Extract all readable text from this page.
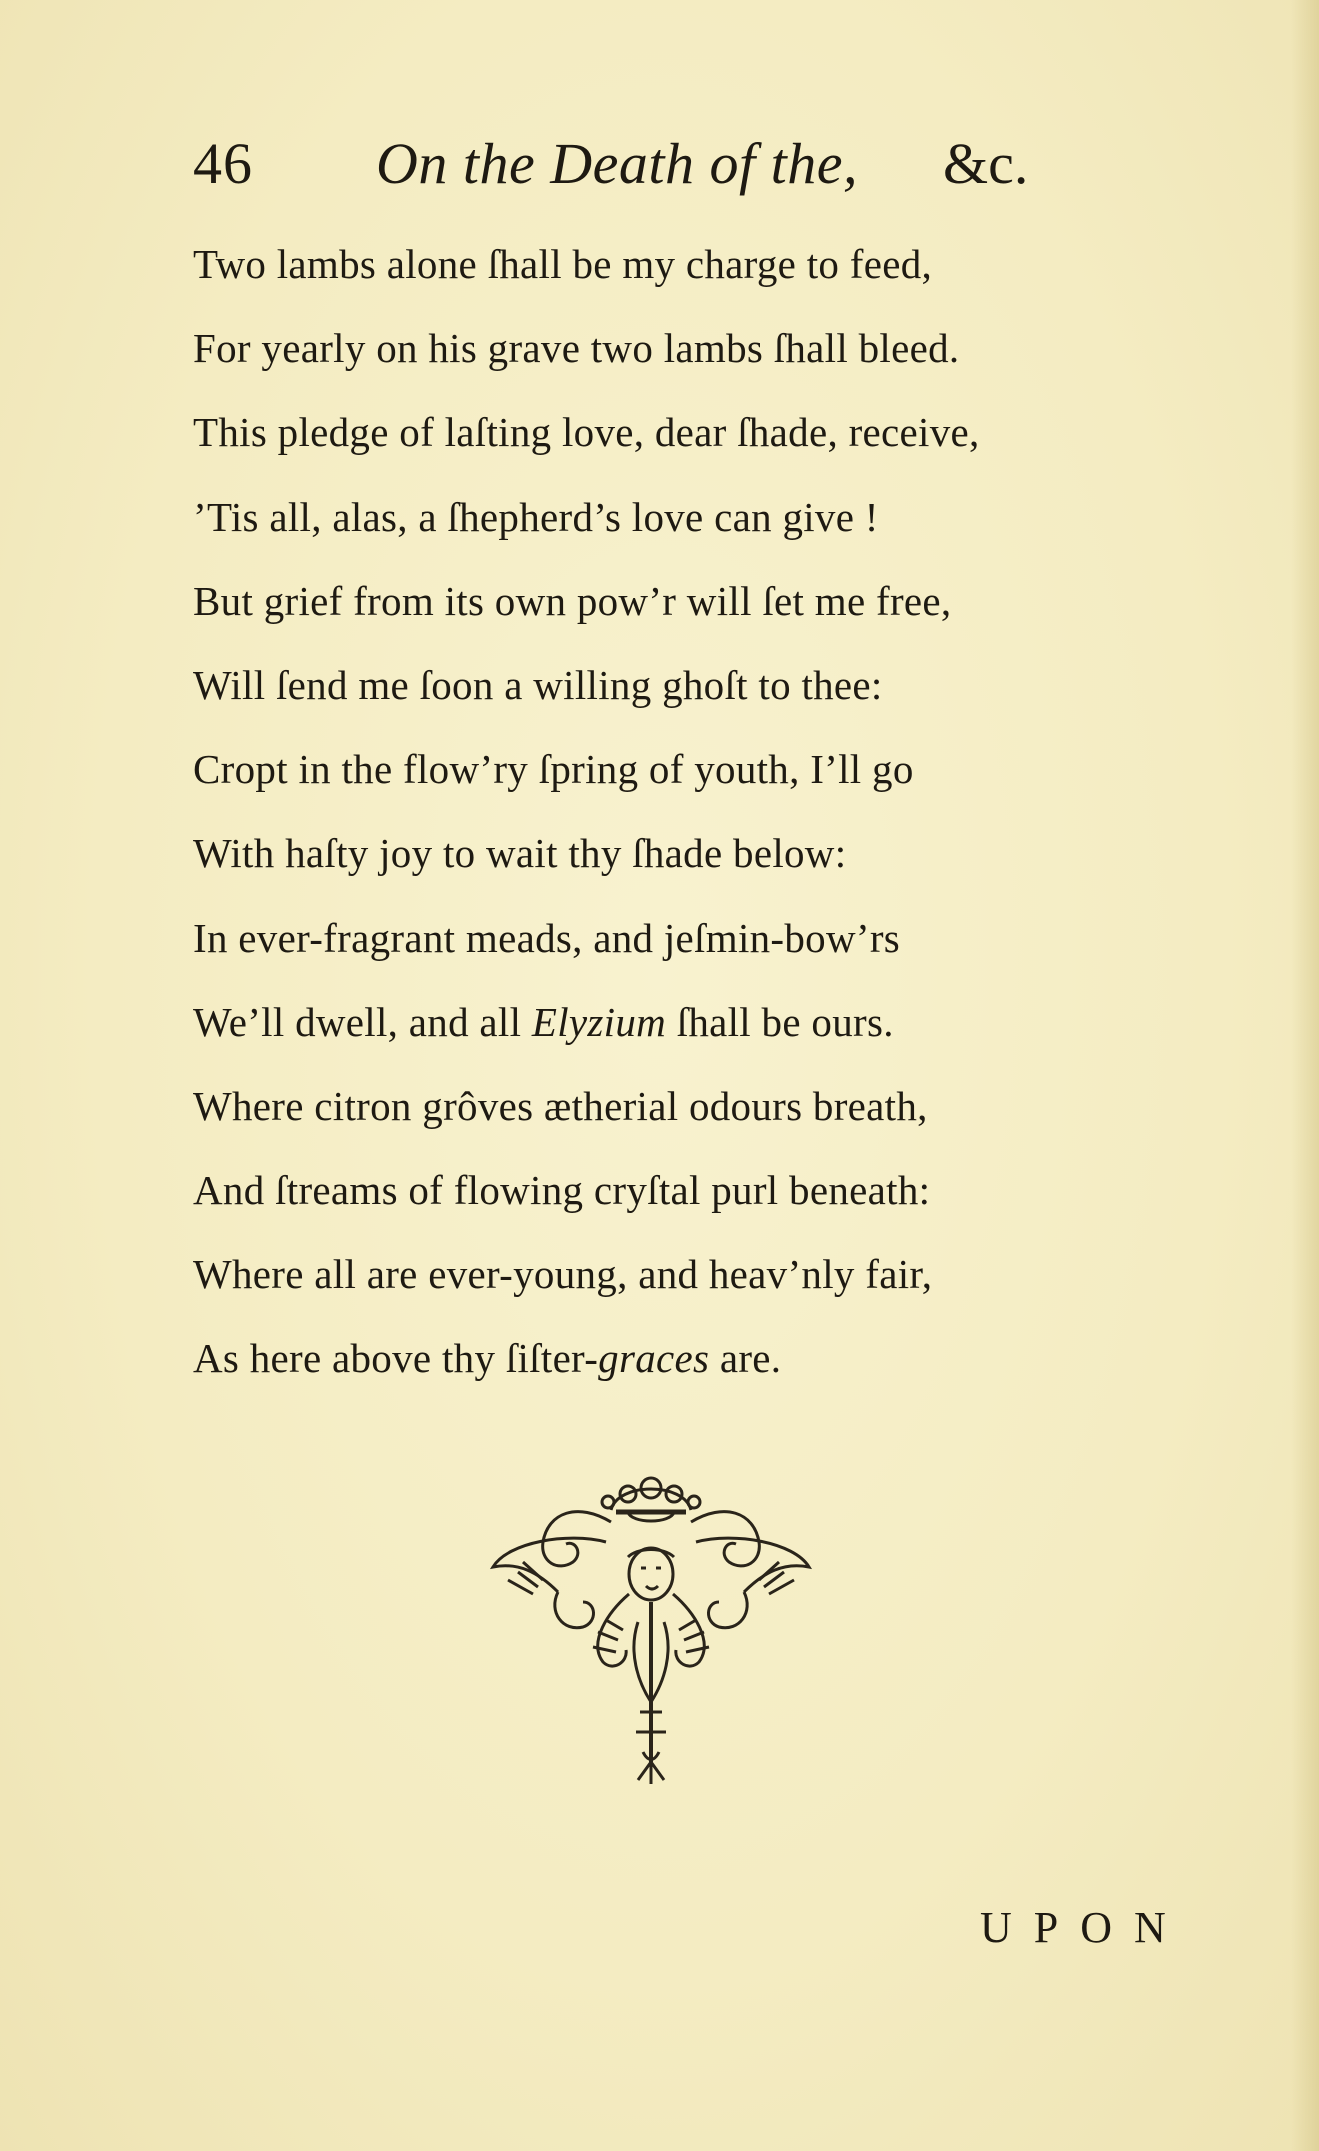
46 On the Death of the, &c.
Two lambs alone ſhall be my charge to feed,
For yearly on his grave two lambs ſhall bleed.
This pledge of laſting love, dear ſhade, receive,
’Tis all, alas, a ſhepherd’s love can give !
But grief from its own pow’r will ſet me free,
Will ſend me ſoon a willing ghoſt to thee:
Cropt in the flow’ry ſpring of youth, I’ll go
With haſty joy to wait thy ſhade below:
In ever-fragrant meads, and jeſmin-bow’rs
We’ll dwell, and all Elyzium ſhall be ours.
Where citron grôves ætherial odours breath,
And ſtreams of flowing cryſtal purl beneath:
Where all are ever-young, and heav’nly fair,
As here above thy ſiſter-graces are.
UPON
